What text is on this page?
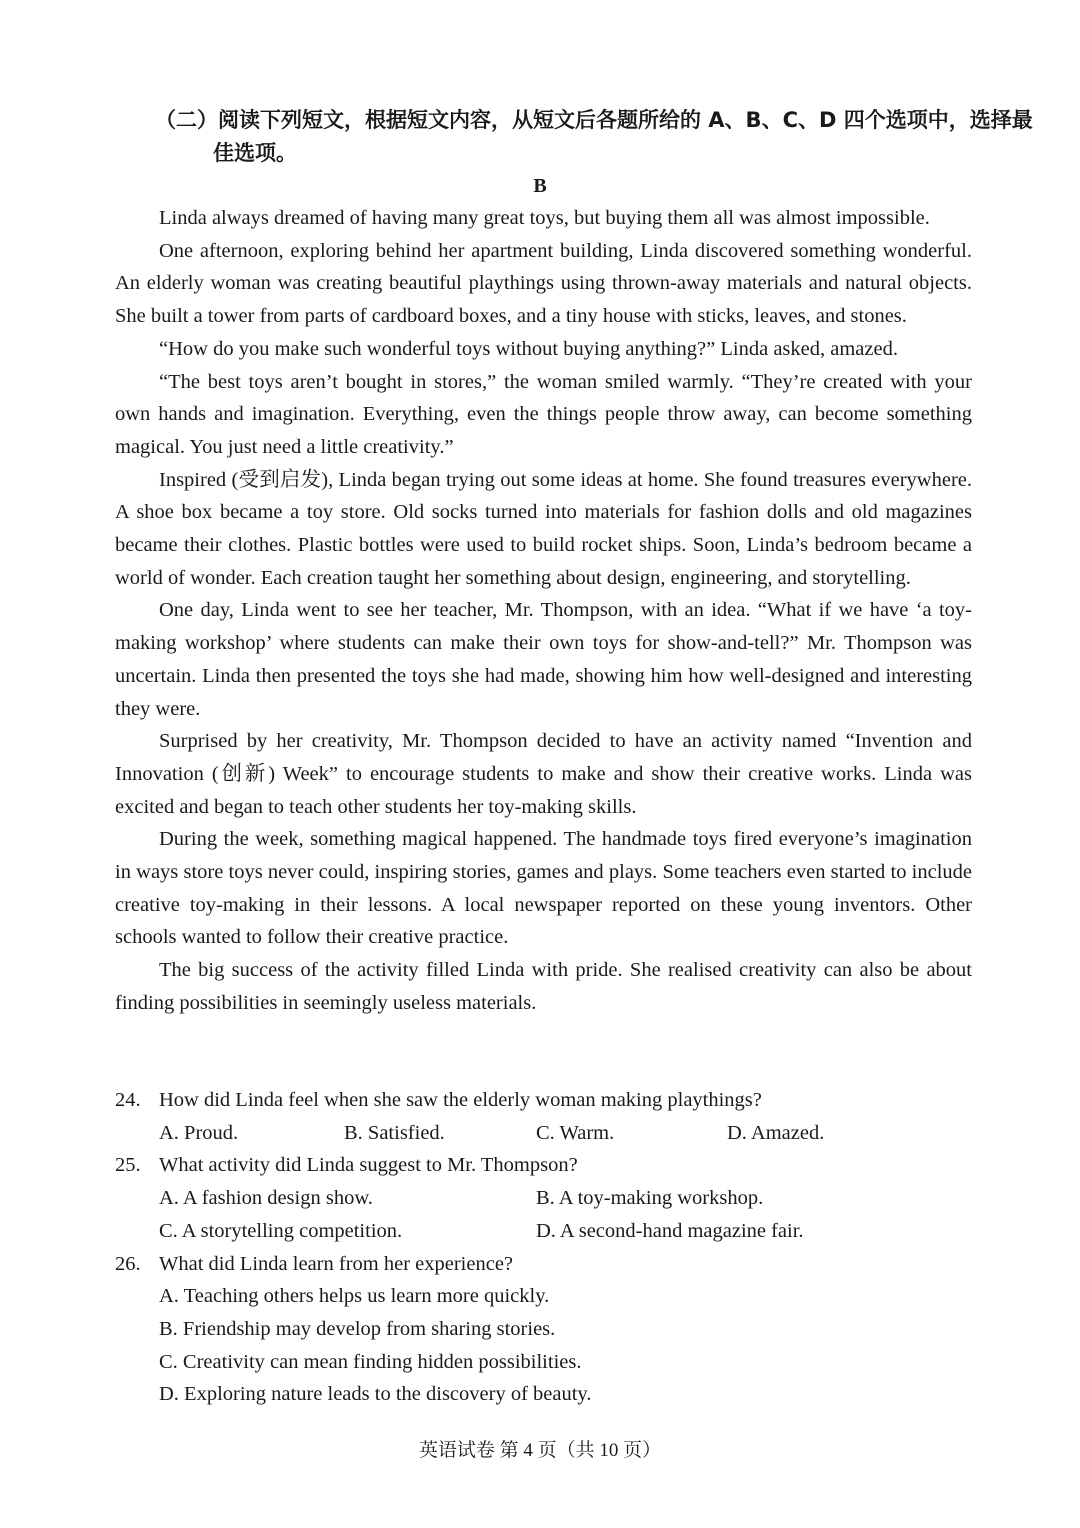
（二）阅读下列短文，根据短文内容，从短文后各题所给的 A、B、C、D 四个选项中，选择最佳选项。
B

Linda always dreamed of having many great toys, but buying them all was almost impossible.

One afternoon, exploring behind her apartment building, Linda discovered something wonderful. An elderly woman was creating beautiful playthings using thrown-away materials and natural objects. She built a tower from parts of cardboard boxes, and a tiny house with sticks, leaves, and stones.

“How do you make such wonderful toys without buying anything?” Linda asked, amazed.

“The best toys aren’t bought in stores,” the woman smiled warmly. “They’re created with your own hands and imagination. Everything, even the things people throw away, can become something magical. You just need a little creativity.”

Inspired (受到启发), Linda began trying out some ideas at home. She found treasures everywhere. A shoe box became a toy store. Old socks turned into materials for fashion dolls and old magazines became their clothes. Plastic bottles were used to build rocket ships. Soon, Linda’s bedroom became a world of wonder. Each creation taught her something about design, engineering, and storytelling.

One day, Linda went to see her teacher, Mr. Thompson, with an idea. “What if we have ‘a toy-making workshop’ where students can make their own toys for show-and-tell?” Mr. Thompson was uncertain. Linda then presented the toys she had made, showing him how well-designed and interesting they were.

Surprised by her creativity, Mr. Thompson decided to have an activity named “Invention and Innovation (创新) Week” to encourage students to make and show their creative works. Linda was excited and began to teach other students her toy-making skills.

During the week, something magical happened. The handmade toys fired everyone’s imagination in ways store toys never could, inspiring stories, games and plays. Some teachers even started to include creative toy-making in their lessons. A local newspaper reported on these young inventors. Other schools wanted to follow their creative practice.

The big success of the activity filled Linda with pride. She realised creativity can also be about finding possibilities in seemingly useless materials.

24. How did Linda feel when she saw the elderly woman making playthings?
A. Proud.	B. Satisfied.	C. Warm.	D. Amazed.
25. What activity did Linda suggest to Mr. Thompson?
A. A fashion design show.	B. A toy-making workshop.
C. A storytelling competition.	D. A second-hand magazine fair.
26. What did Linda learn from her experience?
A. Teaching others helps us learn more quickly.
B. Friendship may develop from sharing stories.
C. Creativity can mean finding hidden possibilities.
D. Exploring nature leads to the discovery of beauty.
英语试卷 第 4 页（共 10 页）
